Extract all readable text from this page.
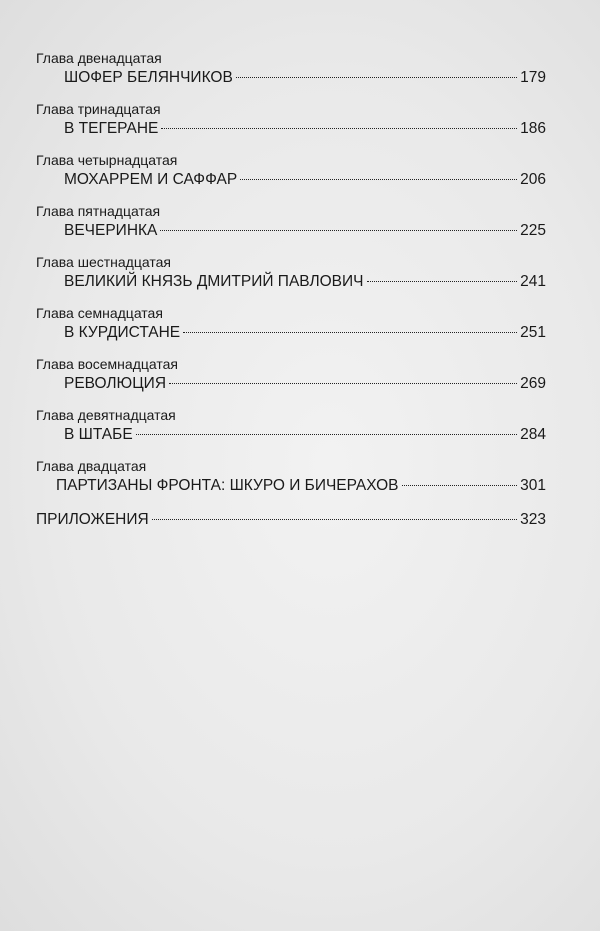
Глава двенадцатая
ШОФЕР БЕЛЯНЧИКОВ	179
Глава тринадцатая
В ТЕГЕРАНЕ	186
Глава четырнадцатая
МОХАРРЕМ И САФФАР	206
Глава пятнадцатая
ВЕЧЕРИНКА	225
Глава шестнадцатая
ВЕЛИКИЙ КНЯЗЬ ДМИТРИЙ ПАВЛОВИЧ	241
Глава семнадцатая
В КУРДИСТАНЕ	251
Глава восемнадцатая
РЕВОЛЮЦИЯ	269
Глава девятнадцатая
В ШТАБЕ	284
Глава двадцатая
ПАРТИЗАНЫ ФРОНТА: ШКУРО И БИЧЕРАХОВ	301
ПРИЛОЖЕНИЯ	323
